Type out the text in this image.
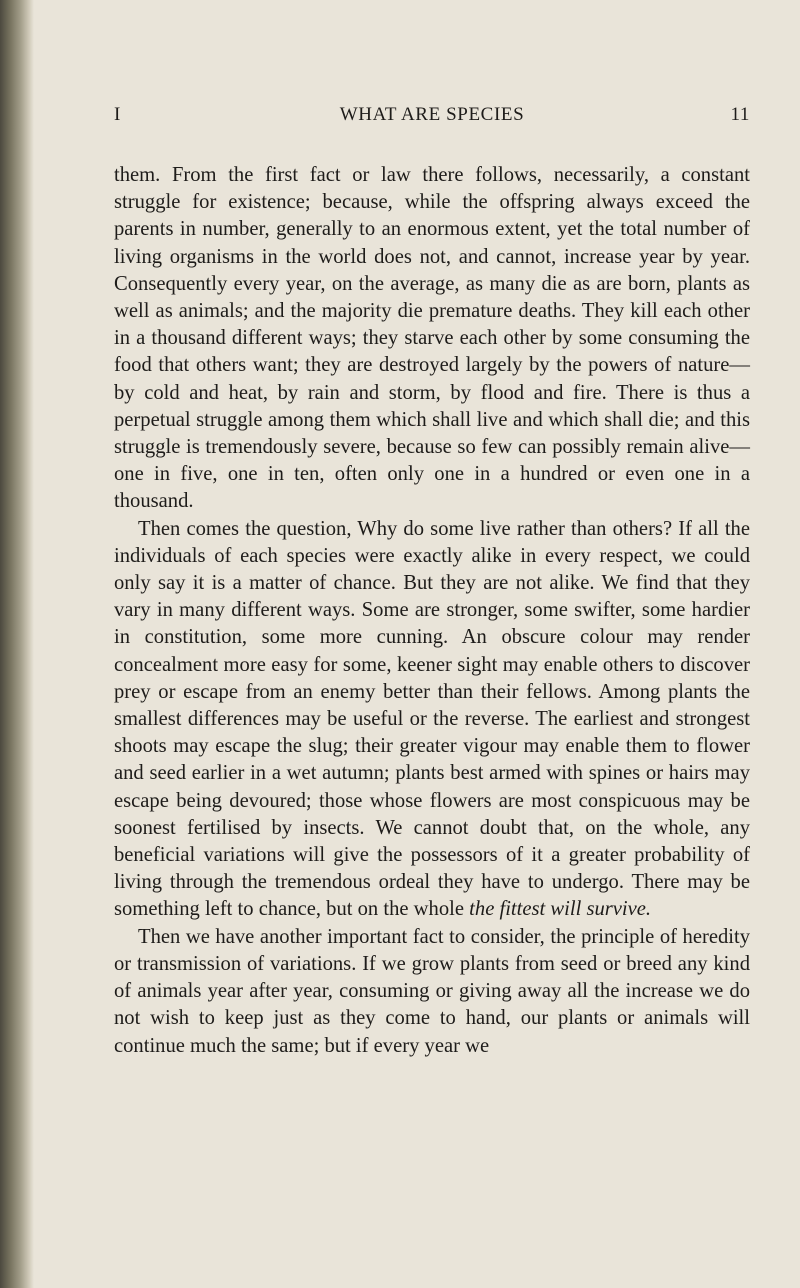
I	WHAT ARE SPECIES	11

them. From the first fact or law there follows, necessarily, a constant struggle for existence; because, while the offspring always exceed the parents in number, generally to an enormous extent, yet the total number of living organisms in the world does not, and cannot, increase year by year. Consequently every year, on the average, as many die as are born, plants as well as animals; and the majority die premature deaths. They kill each other in a thousand different ways; they starve each other by some consuming the food that others want; they are destroyed largely by the powers of nature—by cold and heat, by rain and storm, by flood and fire. There is thus a perpetual struggle among them which shall live and which shall die; and this struggle is tremendously severe, because so few can possibly remain alive—one in five, one in ten, often only one in a hundred or even one in a thousand.

Then comes the question, Why do some live rather than others? If all the individuals of each species were exactly alike in every respect, we could only say it is a matter of chance. But they are not alike. We find that they vary in many different ways. Some are stronger, some swifter, some hardier in constitution, some more cunning. An obscure colour may render concealment more easy for some, keener sight may enable others to discover prey or escape from an enemy better than their fellows. Among plants the smallest differences may be useful or the reverse. The earliest and strongest shoots may escape the slug; their greater vigour may enable them to flower and seed earlier in a wet autumn; plants best armed with spines or hairs may escape being devoured; those whose flowers are most conspicuous may be soonest fertilised by insects. We cannot doubt that, on the whole, any beneficial variations will give the possessors of it a greater probability of living through the tremendous ordeal they have to undergo. There may be something left to chance, but on the whole the fittest will survive.

Then we have another important fact to consider, the principle of heredity or transmission of variations. If we grow plants from seed or breed any kind of animals year after year, consuming or giving away all the increase we do not wish to keep just as they come to hand, our plants or animals will continue much the same; but if every year we
